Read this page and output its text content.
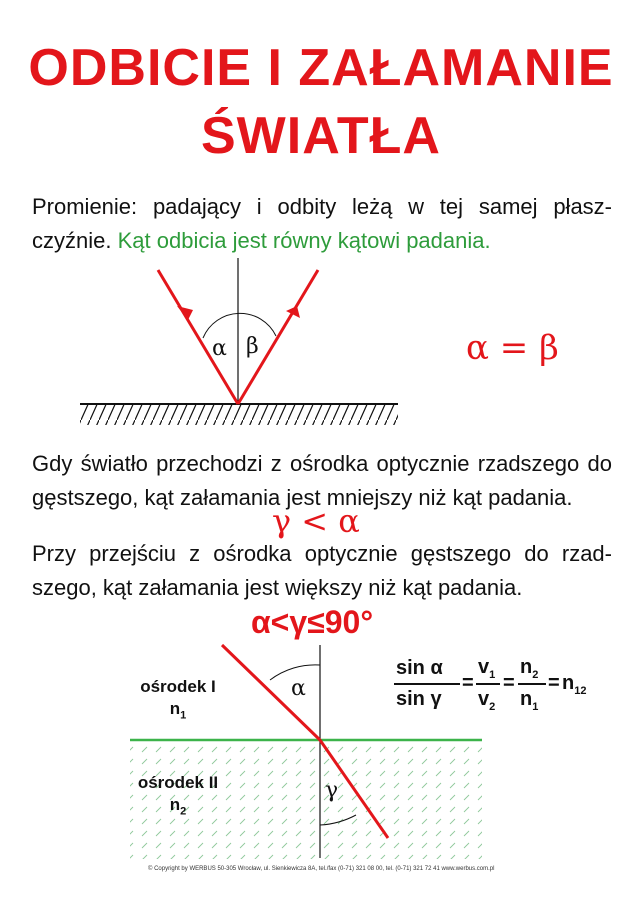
ODBICIE I ZAŁAMANIE
ŚWIATŁA

Promienie: padający i odbity leżą w tej samej płasz-czyźnie. Kąt odbicia jest równy kątowi padania.

α β	α = β

Gdy światło przechodzi z ośrodka optycznie rzadszego do gęstszego, kąt załamania jest mniejszy niż kąt padania.

γ < α

Przy przejściu z ośrodka optycznie gęstszego do rzad-szego, kąt załamania jest większy niż kąt padania.

α<γ≤90°
ośrodek I
$n_1$
ośrodek II
$n_2$
α
γ
sin α
sin γ
=
$v_1$
$v_2$
=
$n_2$
$n_1$
= $n_{12}$
© Copyright by WERBUS 50-305 Wrocław, ul. Sienkiewicza 8A, tel./fax (0-71) 321 08 00, tel. (0-71) 321 72 41 www.werbus.com.pl
